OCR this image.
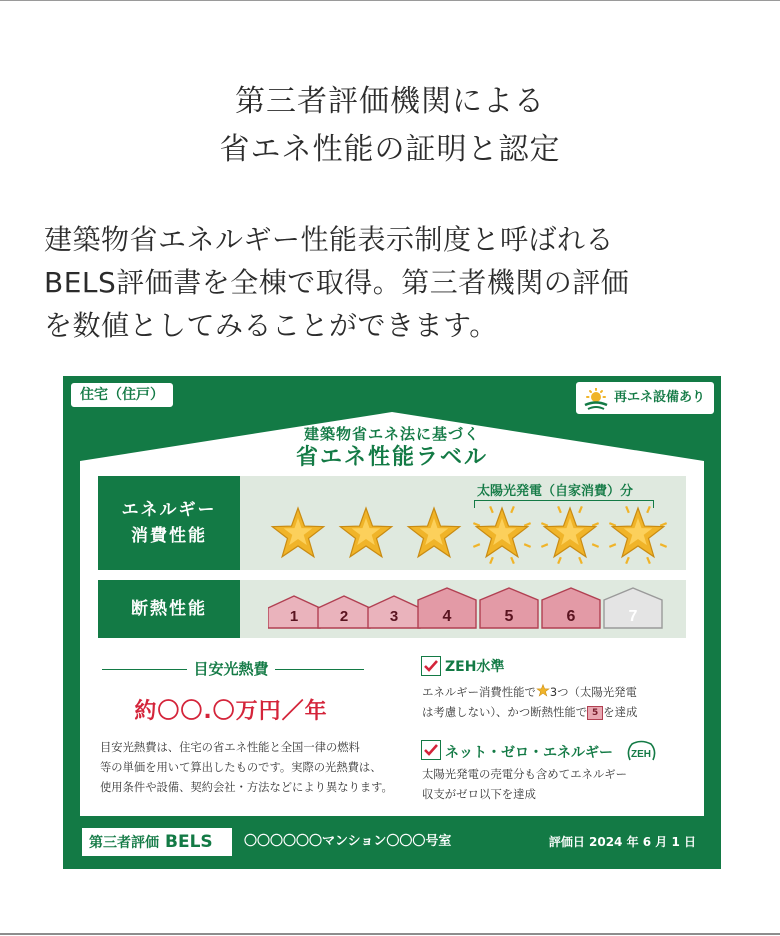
第三者評価機関による
省エネ性能の証明と認定
建築物省エネルギー性能表示制度と呼ばれる
BELS評価書を全棟で取得。第三者機関の評価
を数値としてみることができます。
住宅（住戸）	再エネ設備あり
建築物省エネ法に基づく
省エネ性能ラベル
エネルギー
消費性能
太陽光発電（自家消費）分
断熱性能	1	2	3	4	5	6	7
目安光熱費
約〇〇.〇万円／年
目安光熱費は、住宅の省エネ性能と全国一律の燃料
等の単価を用いて算出したものです。実際の光熱費は、
使用条件や設備、契約会社・方法などにより異なります。
ZEH水準
エネルギー消費性能で 3つ（太陽光発電
は考慮しない）、かつ断熱性能で 5 を達成
ネット・ゼロ・エネルギー ZEH
太陽光発電の売電分も含めてエネルギー
収支がゼロ以下を達成
第三者評価 BELS	〇〇〇〇〇〇マンション〇〇〇号室	評価日 2024 年 6 月 1 日
